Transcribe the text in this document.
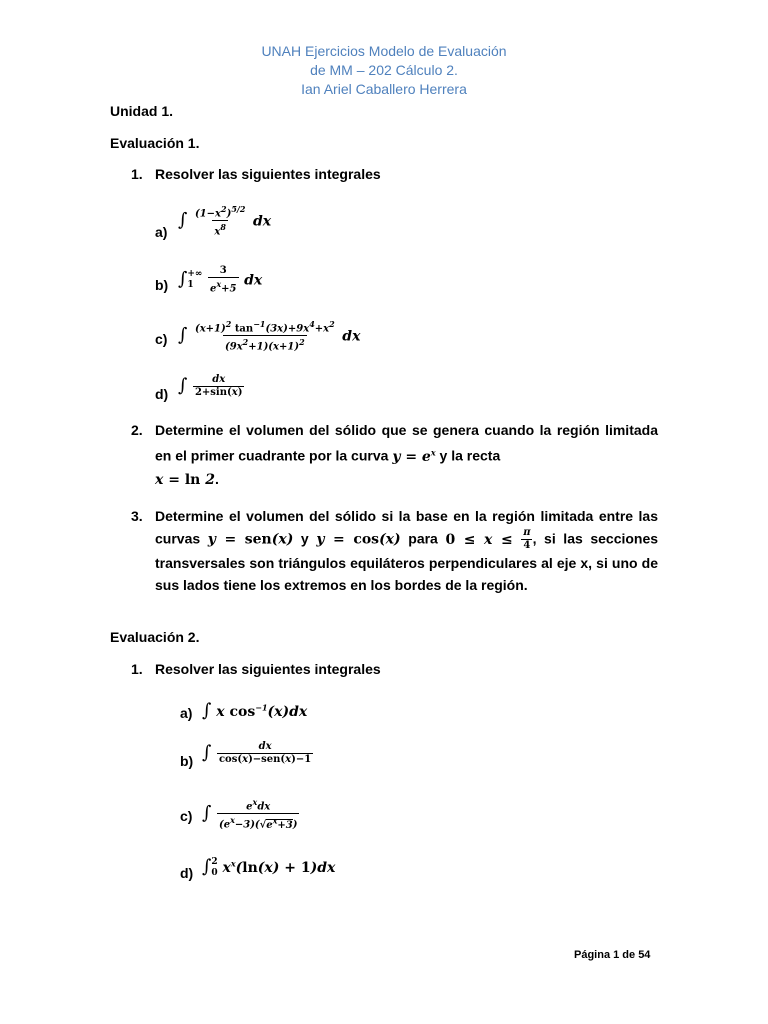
UNAH Ejercicios Modelo de Evaluación
de MM – 202 Cálculo 2.
Ian Ariel Caballero Herrera
Unidad 1.
Evaluación 1.
1. Resolver las siguientes integrales
a)
∫ $\frac{(1-x^2)^{5/2}}{x^8}$ dx
b) ∫ +∞
1
	$\frac{3}{e^x+5}$ dx
c) ∫ $\frac{(x+1)^2 \tan^{-1}(3x)+9x^4+x^2}{(9x^2+1)(x+1)^2}$ dx
d) ∫ $\frac{dx}{2+\sin(x)}$
2. Determine el volumen del sólido que se genera cuando la región limitada en el primer cuadrante por la curva $y = e^x$ y la recta
x = ln 2.
3. Determine el volumen del sólido si la base en la región limitada entre las curvas y = sen(x) y y = cos(x) para $0 \le x \le \frac{\pi}{4}$ , si las secciones transversales son triángulos equiláteros perpendiculares al eje x, si uno de sus lados tiene los extremos en los bordes de la región.
Evaluación 2.
1. Resolver las siguientes integrales
a) ∫ x $\cos^{-1}(x)dx$
b) ∫ $\frac{dx}{\text{cos(x)−sen(x)−1}}$
c) ∫ $\frac{e^xdx}{(e^x-3)(√e^x+3)}$
d) ∫ 2
0 $x^x(\ln(x) + 1)dx$
Página 1 de 54
